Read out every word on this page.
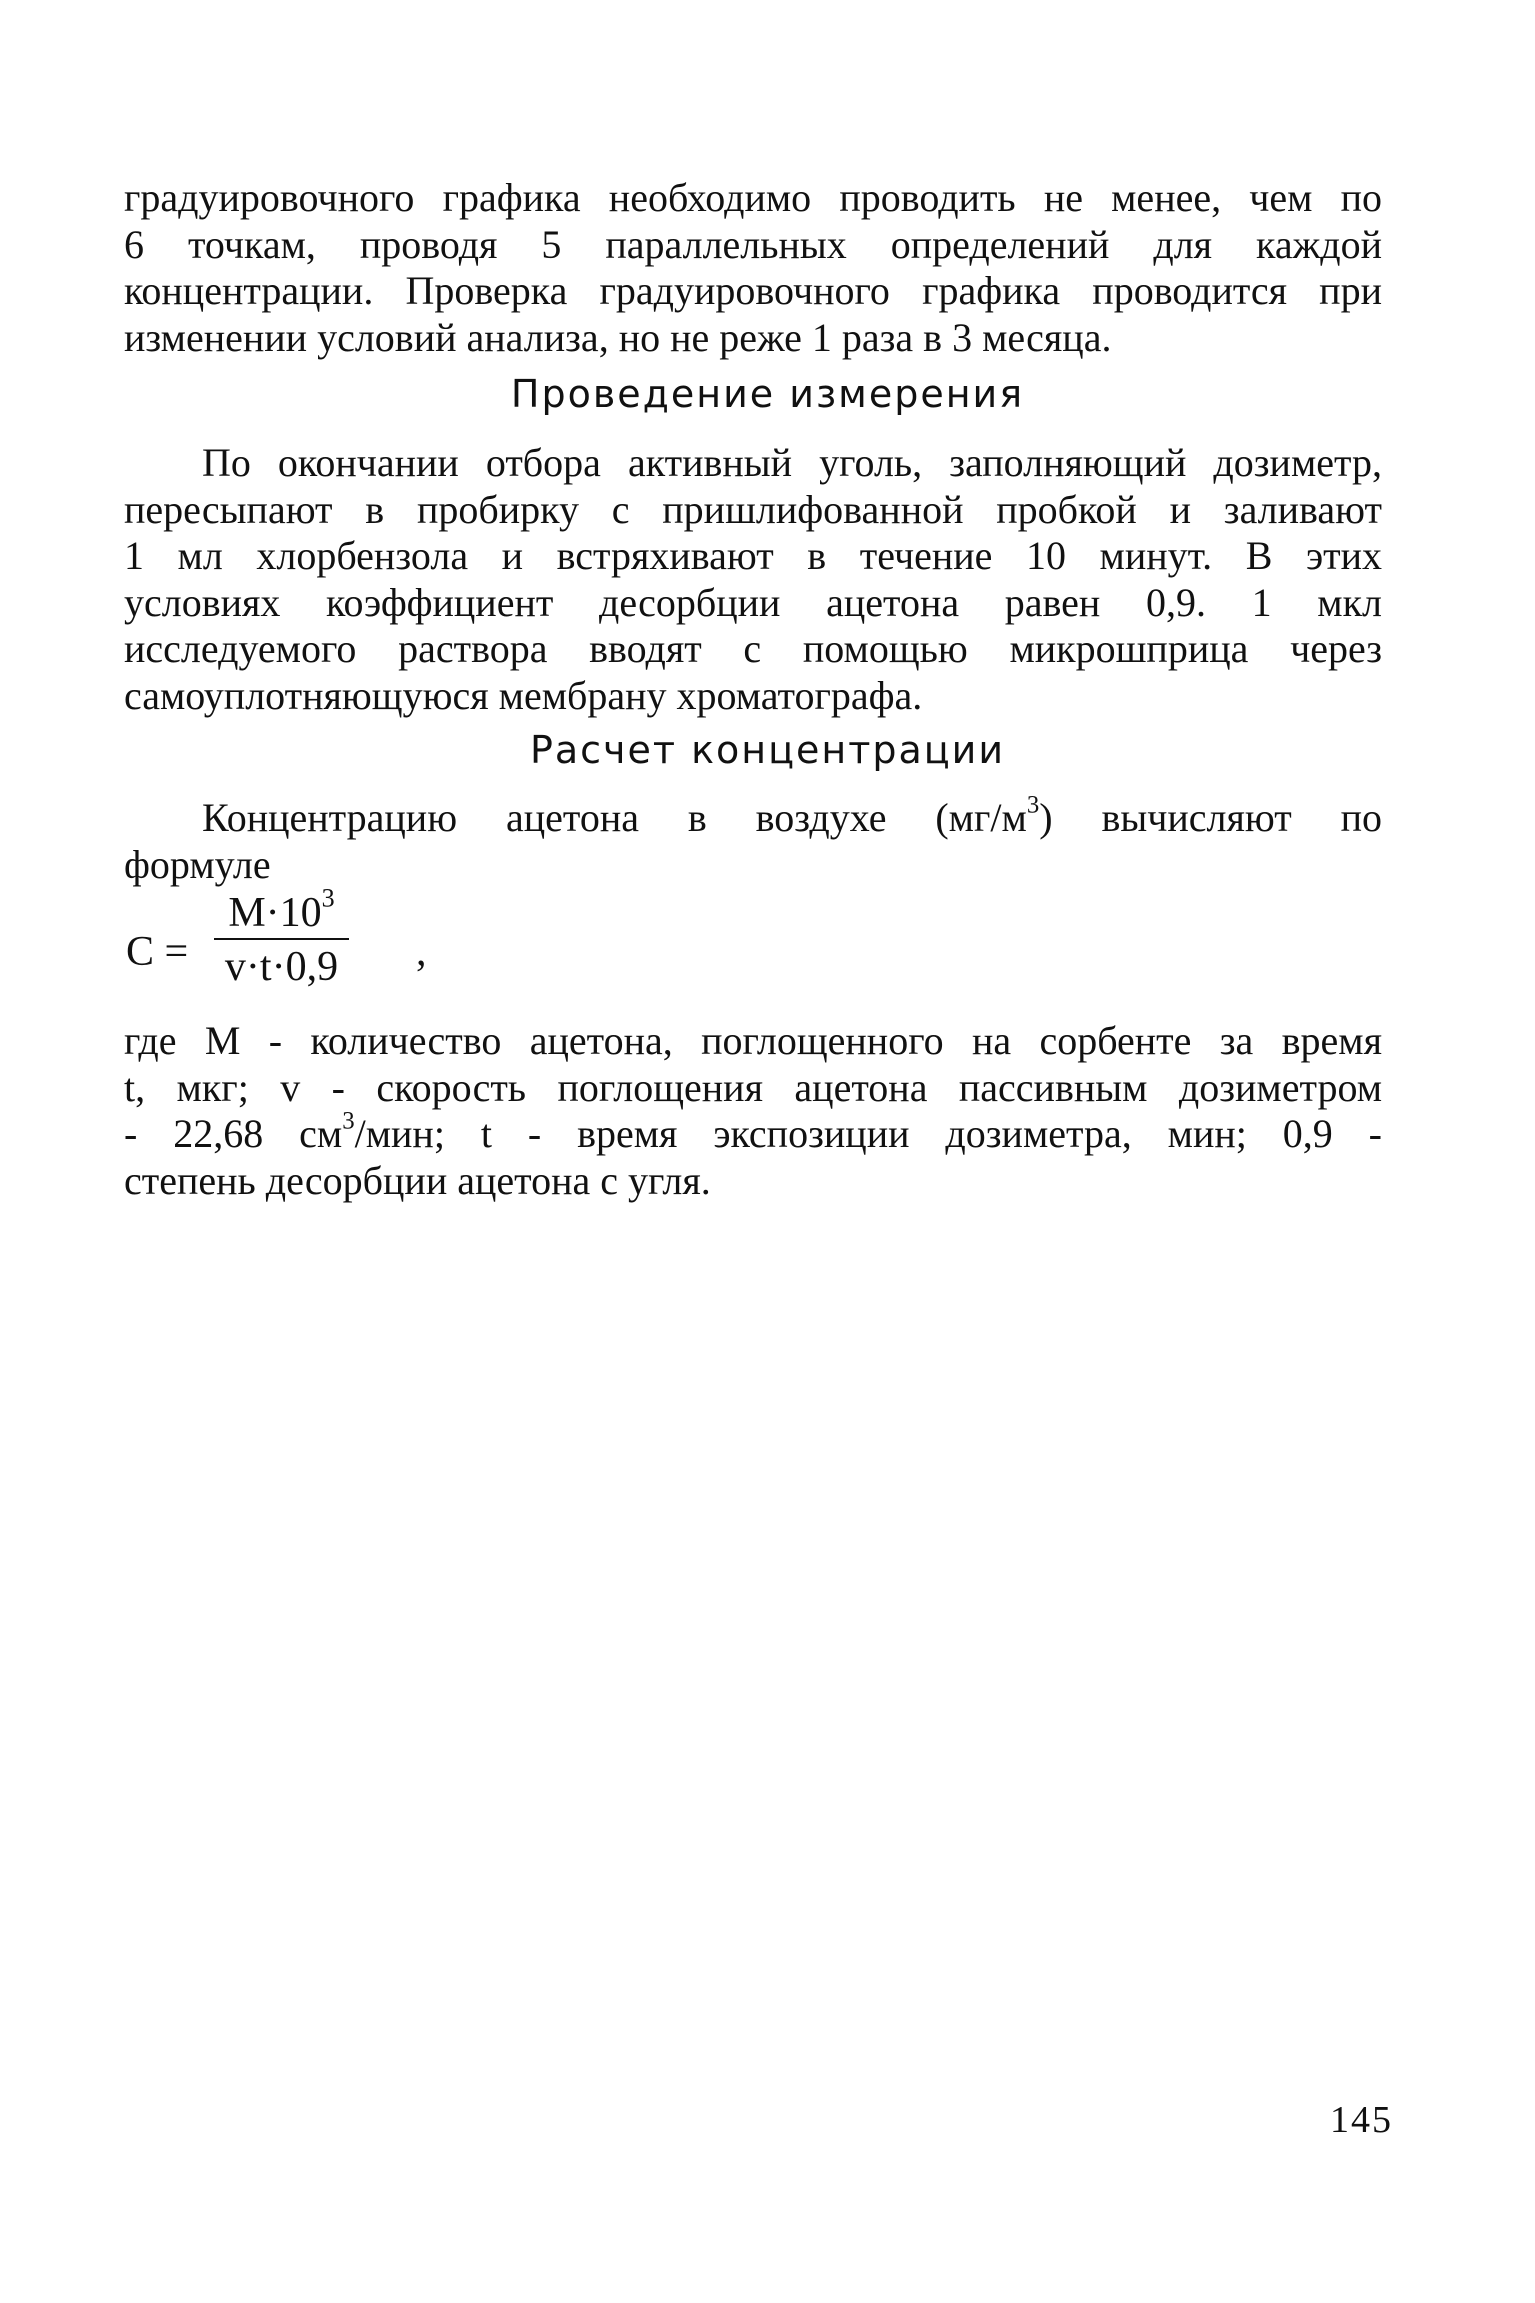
градуировочного графика необходимо проводить не менее, чем по
6 точкам, проводя 5 параллельных определений для каждой
концентрации. Проверка градуировочного графика проводится при
изменении условий анализа, но не реже 1 раза в 3 месяца.
Проведение измерения
По окончании отбора активный уголь, заполняющий дозиметр,
пересыпают в пробирку с пришлифованной пробкой и заливают
1 мл хлорбензола и встряхивают в течение 10 минут. В этих
условиях коэффициент десорбции ацетона равен 0,9. 1 мкл
исследуемого раствора вводят с помощью микрошприца через
самоуплотняющуюся мембрану хроматографа.
Расчет концентрации
Концентрацию ацетона в воздухе $(мг/м^3)$ вычисляют по
формуле
C =
$M\cdot 10^3$
v·t·0,9 ,
где M - количество ацетона, поглощенного на сорбенте за время
t, мкг; v - скорость поглощения ацетона пассивным дозиметром
- 22,68 $см^3$/мин; t - время экспозиции дозиметра, мин; 0,9 -
степень десорбции ацетона с угля.
145
